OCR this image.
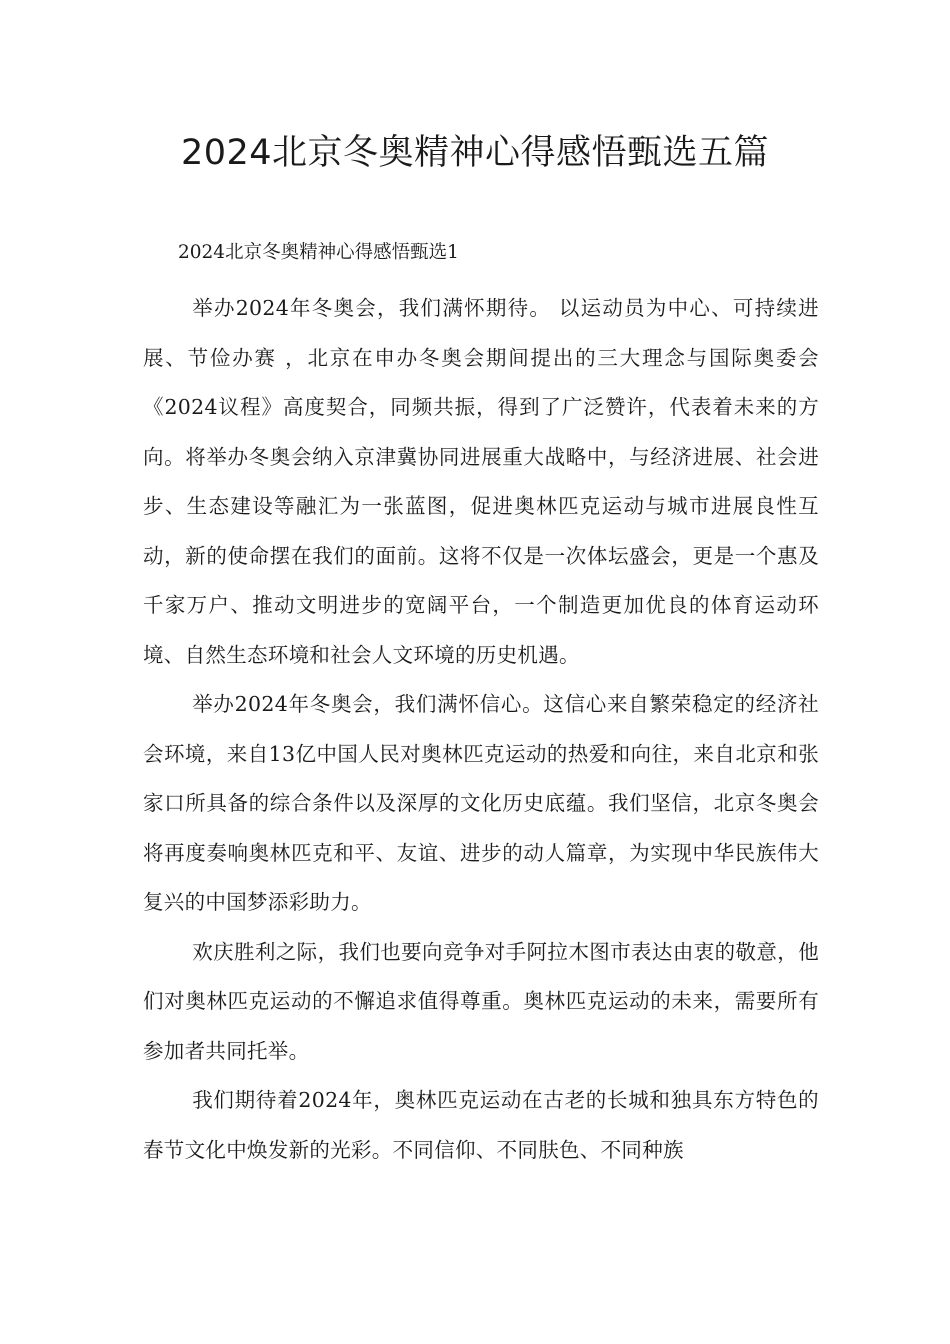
2024北京冬奥精神心得感悟甄选五篇
2024北京冬奥精神心得感悟甄选1

举办2024年冬奥会，我们满怀期待。 以运动员为中心、可持续进展、节俭办赛 ，北京在申办冬奥会期间提出的三大理念与国际奥委会《2024议程》高度契合，同频共振，得到了广泛赞许，代表着未来的方向。将举办冬奥会纳入京津冀协同进展重大战略中，与经济进展、社会进步、生态建设等融汇为一张蓝图，促进奥林匹克运动与城市进展良性互动，新的使命摆在我们的面前。这将不仅是一次体坛盛会，更是一个惠及千家万户、推动文明进步的宽阔平台，一个制造更加优良的体育运动环境、自然生态环境和社会人文环境的历史机遇。

举办2024年冬奥会，我们满怀信心。这信心来自繁荣稳定的经济社会环境，来自13亿中国人民对奥林匹克运动的热爱和向往，来自北京和张家口所具备的综合条件以及深厚的文化历史底蕴。我们坚信，北京冬奥会将再度奏响奥林匹克和平、友谊、进步的动人篇章，为实现中华民族伟大复兴的中国梦添彩助力。

欢庆胜利之际，我们也要向竞争对手阿拉木图市表达由衷的敬意，他们对奥林匹克运动的不懈追求值得尊重。奥林匹克运动的未来，需要所有参加者共同托举。

我们期待着2024年，奥林匹克运动在古老的长城和独具东方特色的春节文化中焕发新的光彩。不同信仰、不同肤色、不同种族
